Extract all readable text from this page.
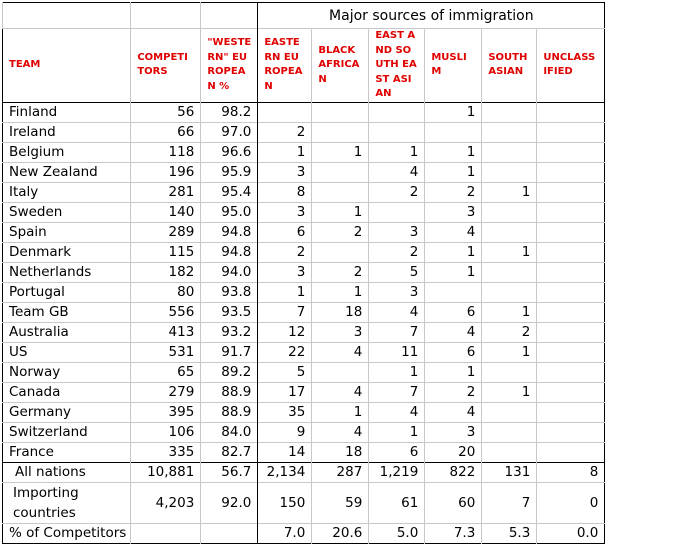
			Major sources of immigration					
TEAM	COMPETITORS	"WESTERN" EUROPEAN %	EASTERN EUROPEAN	BLACK AFRICAN	EAST AND SOUTH EAST ASIAN	MUSLIM	SOUTH ASIAN	UNCLASSIFIED
Finland	56	98.2				1		
Ireland	66	97.0	2					
Belgium	118	96.6	1	1	1	1		
New Zealand	196	95.9	3		4	1		
Italy	281	95.4	8		2	2	1	
Sweden	140	95.0	3	1		3		
Spain	289	94.8	6	2	3	4		
Denmark	115	94.8	2		2	1	1	
Netherlands	182	94.0	3	2	5	1		
Portugal	80	93.8	1	1	3			
Team GB	556	93.5	7	18	4	6	1	
Australia	413	93.2	12	3	7	4	2	
US	531	91.7	22	4	11	6	1	
Norway	65	89.2	5		1	1		
Canada	279	88.9	17	4	7	2	1	
Germany	395	88.9	35	1	4	4		
Switzerland	106	84.0	9	4	1	3		
France	335	82.7	14	18	6	20		
All nations	10,881	56.7	2,134	287	1,219	822	131	8
Importing countries	4,203	92.0	150	59	61	60	7	0
% of Competitors			7.0	20.6	5.0	7.3	5.3	0.0
